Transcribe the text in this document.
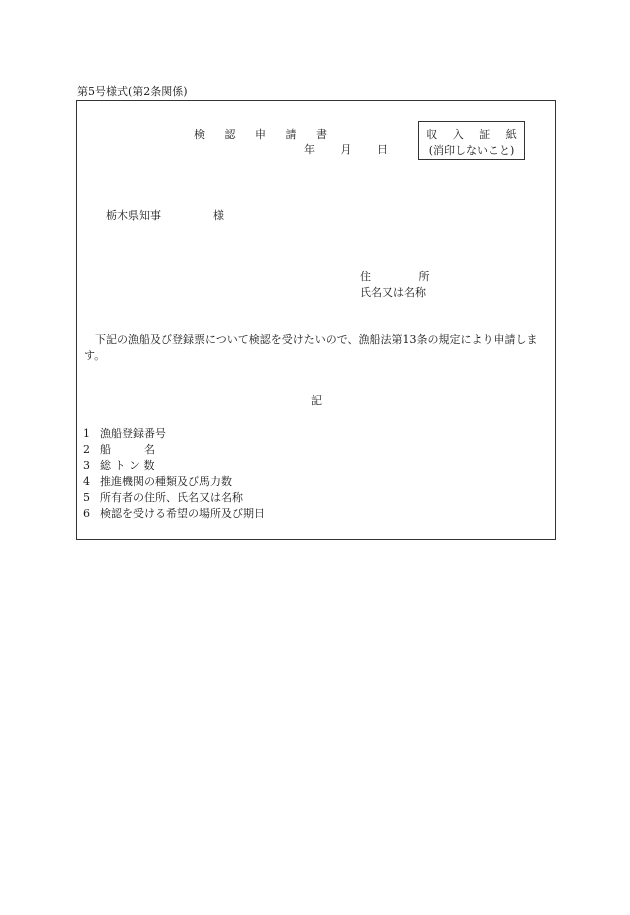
第5号様式(第2条関係)
検 認 申 請 書
年 月 日
収 入 証 紙
(消印しないこと)
栃木県知事	様
住 所
氏名又は名称
下記の漁船及び登録票について検認を受けたいので、漁船法第13条の規定により申請します。
記
1 漁船登録番号
2 船　　　名
3 総 ト ン 数
4 推進機関の種類及び馬力数
5 所有者の住所、氏名又は名称
6 検認を受ける希望の場所及び期日
